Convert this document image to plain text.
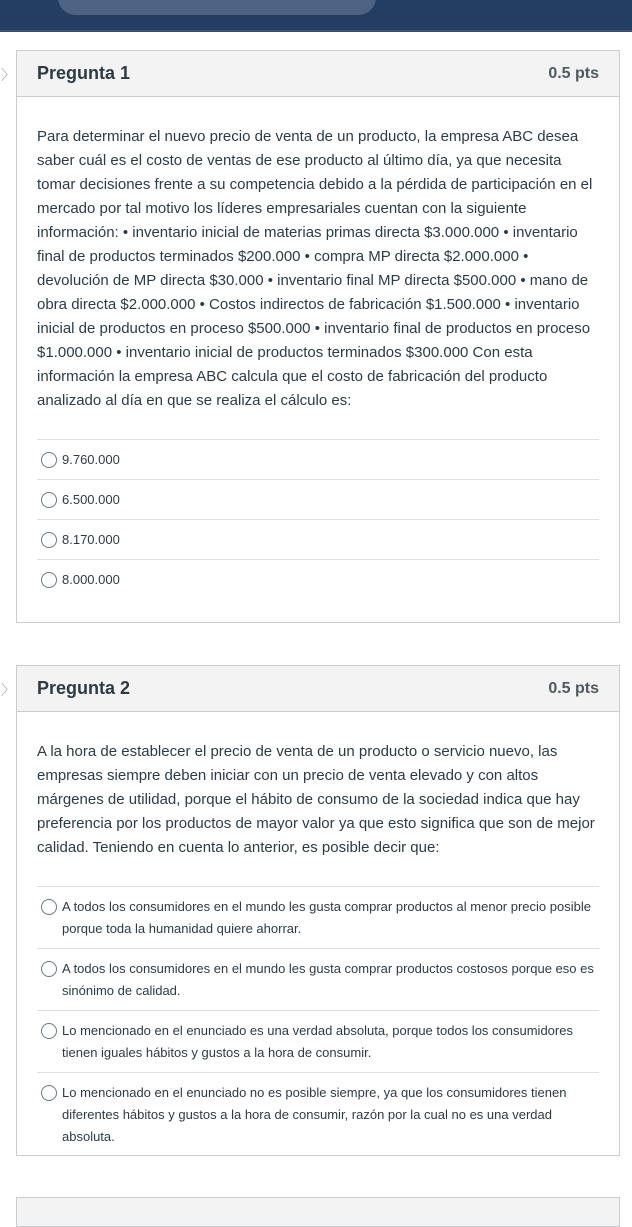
〉 Pregunta 1	0.5 pts
Para determinar el nuevo precio de venta de un producto, la empresa ABC desea saber cuál es el costo de ventas de ese producto al último día, ya que necesita tomar decisiones frente a su competencia debido a la pérdida de participación en el mercado por tal motivo los líderes empresariales cuentan con la siguiente información: • inventario inicial de materias primas directa $3.000.000 • inventario final de productos terminados $200.000 • compra MP directa $2.000.000 • devolución de MP directa $30.000 • inventario final MP directa $500.000 • mano de obra directa $2.000.000 • Costos indirectos de fabricación $1.500.000 • inventario inicial de productos en proceso $500.000 • inventario final de productos en proceso $1.000.000 • inventario inicial de productos terminados $300.000 Con esta información la empresa ABC calcula que el costo de fabricación del producto analizado al día en que se realiza el cálculo es:
9.760.000
6.500.000
8.170.000
8.000.000
〉 Pregunta 2	0.5 pts
A la hora de establecer el precio de venta de un producto o servicio nuevo, las empresas siempre deben iniciar con un precio de venta elevado y con altos márgenes de utilidad, porque el hábito de consumo de la sociedad indica que hay preferencia por los productos de mayor valor ya que esto significa que son de mejor calidad. Teniendo en cuenta lo anterior, es posible decir que:
A todos los consumidores en el mundo les gusta comprar productos al menor precio posible porque toda la humanidad quiere ahorrar.
A todos los consumidores en el mundo les gusta comprar productos costosos porque eso es sinónimo de calidad.
Lo mencionado en el enunciado es una verdad absoluta, porque todos los consumidores tienen iguales hábitos y gustos a la hora de consumir.
Lo mencionado en el enunciado no es posible siempre, ya que los consumidores tienen diferentes hábitos y gustos a la hora de consumir, razón por la cual no es una verdad absoluta.
